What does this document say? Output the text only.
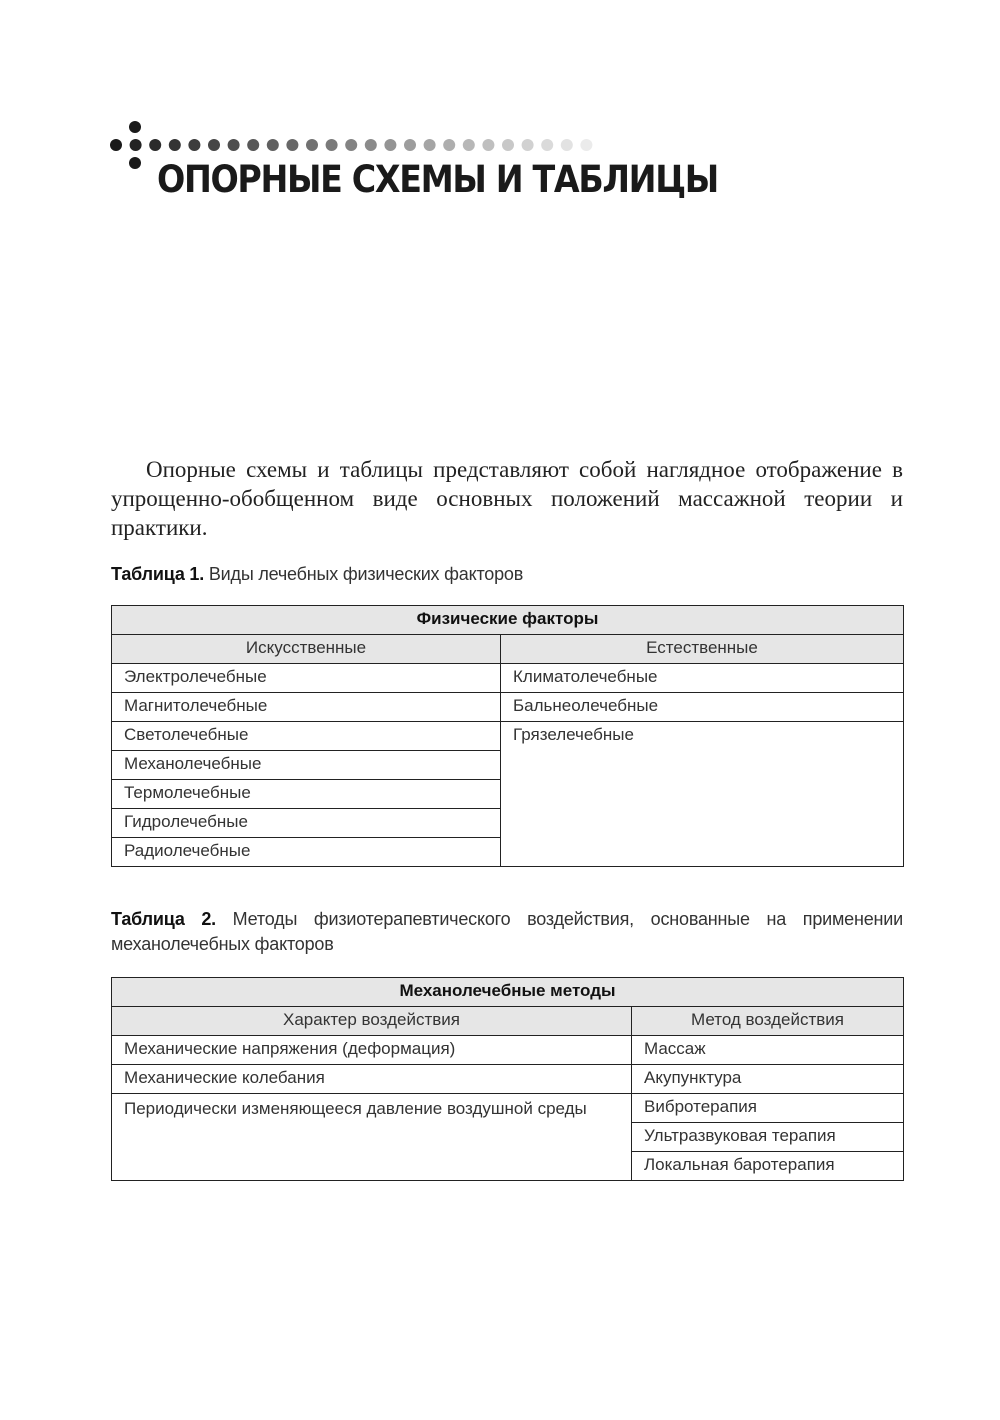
ОПОРНЫЕ СХЕМЫ И ТАБЛИЦЫ

Опорные схемы и таблицы представляют собой наглядное отображение в упрощенно-обобщенном виде основных положений массажной теории и практики.

Таблица 1. Виды лечебных физических факторов
Физические факторы	
Искусственные	Естественные
Электролечебные	Климатолечебные
Магнитолечебные	Бальнеолечебные
Светолечебные	Грязелечебные
Механолечебные	
Термолечебные	
Гидролечебные	
Радиолечебные	
Таблица 2. Методы физиотерапевтического воздействия, основанные на применении механолечебных факторов
Механолечебные методы	
Характер воздействия	Метод воздействия
Механические напряжения (деформация)	Массаж
Механические колебания	Акупунктура
Периодически изменяющееся давление воздушной среды	Вибротерапия
	Ультразвуковая терапия
	Локальная баротерапия
